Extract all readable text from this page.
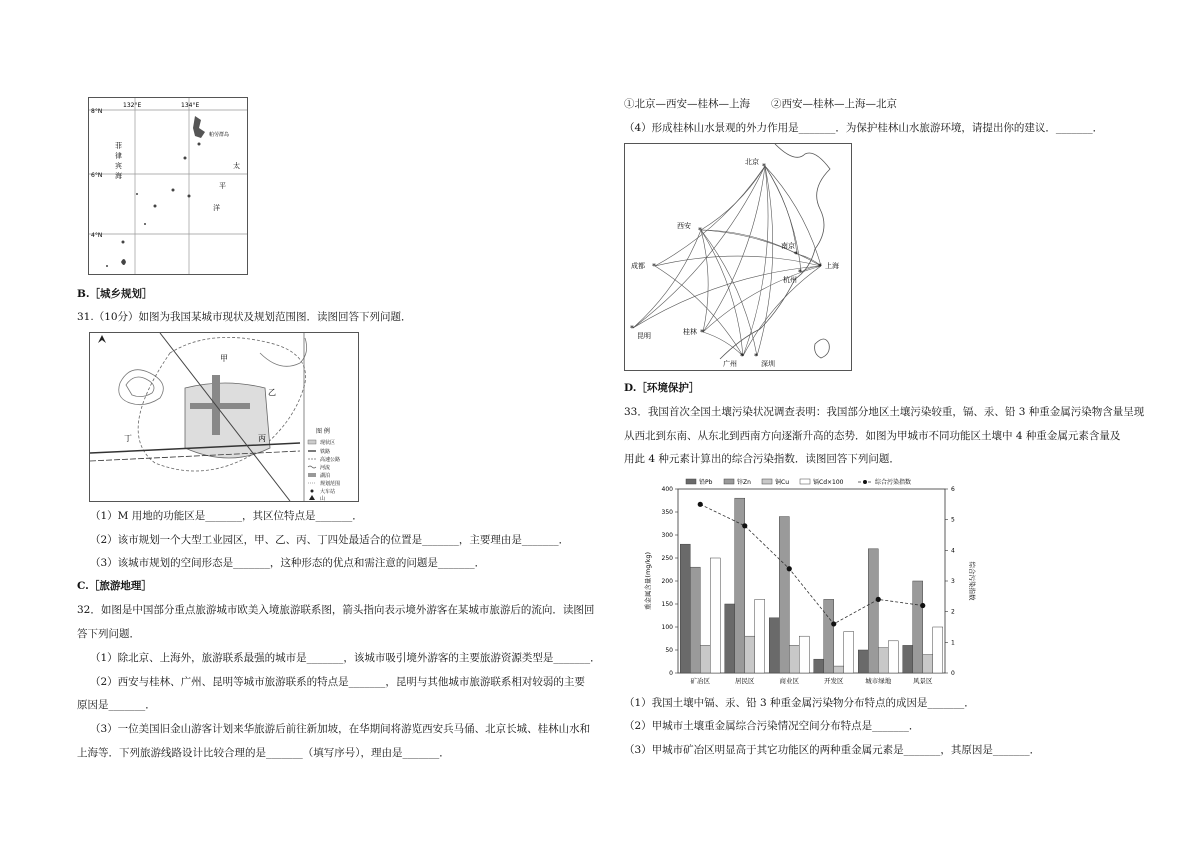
132°E	134°E
8°N
6°N
4°N
菲
律
宾
海
太
平
洋
帕劳群岛
B.［城乡规划］
31.（10分）如图为我国某城市现状及规划范围图．读图回答下列问题．
甲
乙
丙
丁
图 例
现状区
铁路
高速公路
河流
湖泊
规划范围
大车站
山
（1）M 用地的功能区是_______，其区位特点是_______．
（2）该市规划一个大型工业园区，甲、乙、丙、丁四处最适合的位置是_______，主要理由是_______．
（3）该城市规划的空间形态是_______，这种形态的优点和需注意的问题是_______．
C.［旅游地理］
32．如图是中国部分重点旅游城市欧美入境旅游联系图，箭头指向表示境外游客在某城市旅游后的流向．读图回
答下列问题．
（1）除北京、上海外，旅游联系最强的城市是_______，该城市吸引境外游客的主要旅游资源类型是_______．
（2）西安与桂林、广州、昆明等城市旅游联系的特点是_______，昆明与其他城市旅游联系相对较弱的主要
原因是_______．
（3）一位美国旧金山游客计划来华旅游后前往新加坡，在华期间将游览西安兵马俑、北京长城、桂林山水和
上海等．下列旅游线路设计比较合理的是_______（填写序号），理由是_______．
①北京—西安—桂林—上海　　②西安—桂林—上海—北京
（4）形成桂林山水景观的外力作用是_______．为保护桂林山水旅游环境，请提出你的建议．_______．
*
北京
*
西安
*
南京
*
成都
*
杭州
* 上海
*
昆明	*
桂林
*
广州
*
深圳
D.［环境保护］
33．我国首次全国土壤污染状况调查表明：我国部分地区土壤污染较重，镉、汞、铅 3 种重金属污染物含量呈现
从西北到东南、从东北到西南方向逐渐升高的态势．如图为甲城市不同功能区土壤中 4 种重金属元素含量及
用此 4 种元素计算出的综合污染指数．读图回答下列问题．
0
50
100
150
200
250
300
350
400
0
1
2
3
4
5
6
重金属含量(mg/kg)	综合污染指数
矿冶区	居民区	商业区	开发区	城市绿地	风景区
铅Pb	锌Zn	铜Cu	镉Cd×100	综合污染指数
（1）我国土壤中镉、汞、铅 3 种重金属污染物分布特点的成因是_______．
（2）甲城市土壤重金属综合污染情况空间分布特点是_______．
（3）甲城市矿冶区明显高于其它功能区的两种重金属元素是_______，其原因是_______．
